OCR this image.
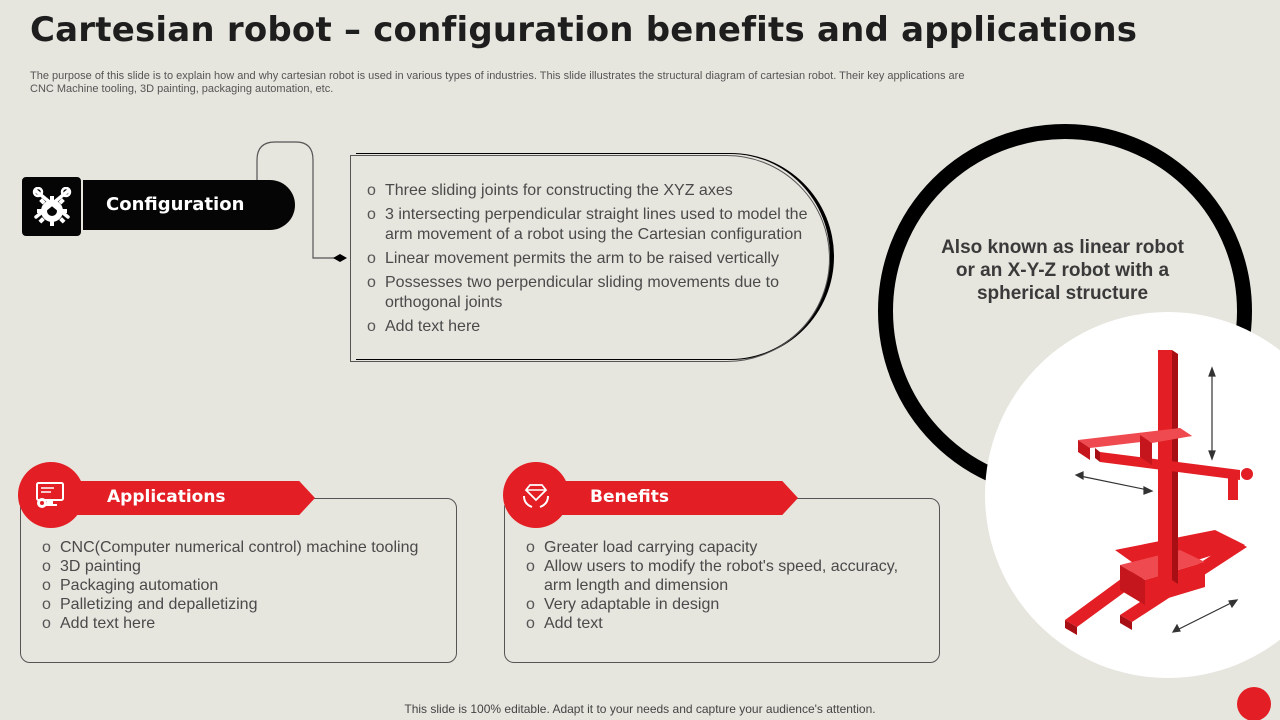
Cartesian robot – configuration benefits and applications
The purpose of this slide is to explain how and why cartesian robot is used in various types of industries. This slide illustrates the structural diagram of cartesian robot. Their key applications are CNC Machine tooling, 3D painting, packaging automation, etc.
Configuration
o Three sliding joints for constructing the XYZ axes
o 3 intersecting perpendicular straight lines used to model the arm movement of a robot using the Cartesian configuration
o Linear movement permits the arm to be raised vertically
o Possesses two perpendicular sliding movements due to orthogonal joints
o Add text here
Also known as linear robot or an X-Y-Z robot with a spherical structure
Applications
o CNC(Computer numerical control) machine tooling
o 3D painting
o Packaging automation
o Palletizing and depalletizing
o Add text here
Benefits
o Greater load carrying capacity
o Allow users to modify the robot's speed, accuracy, arm length and dimension
o Very adaptable in design
o Add text
This slide is 100% editable. Adapt it to your needs and capture your audience's attention.
